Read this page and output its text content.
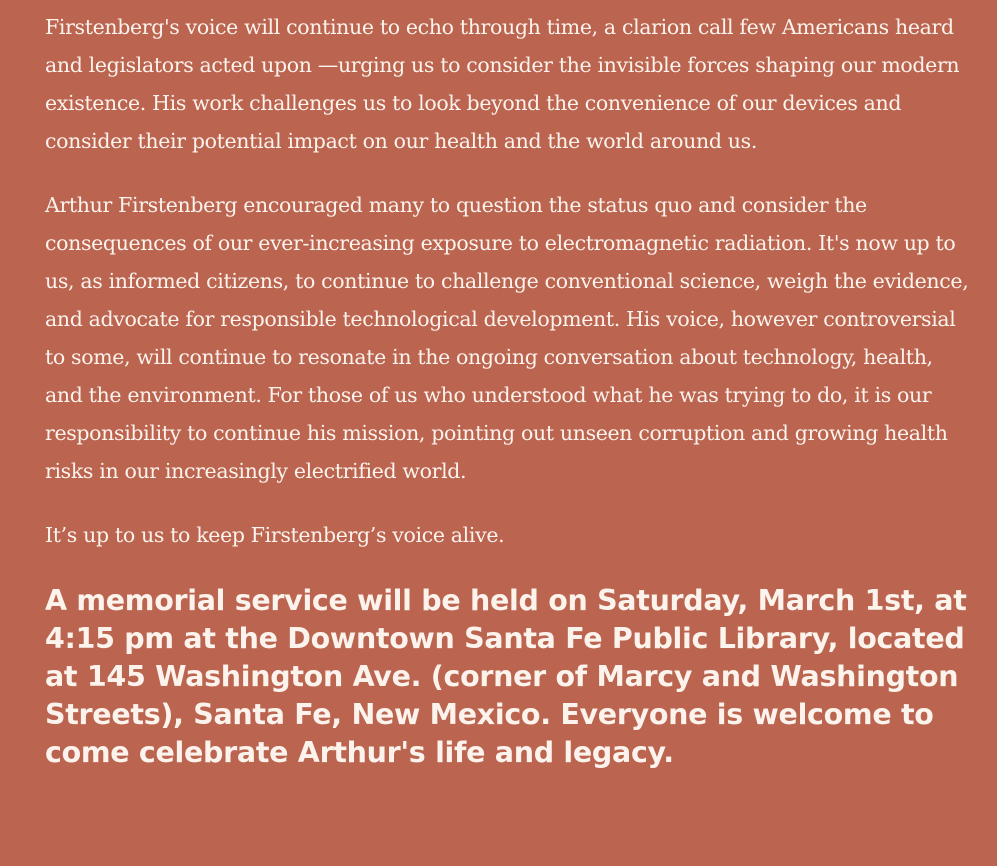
Firstenberg's voice will continue to echo through time, a clarion call few Americans heard and legislators acted upon —urging us to consider the invisible forces shaping our modern existence. His work challenges us to look beyond the convenience of our devices and consider their potential impact on our health and the world around us.

Arthur Firstenberg encouraged many to question the status quo and consider the consequences of our ever-increasing exposure to electromagnetic radiation. It's now up to us, as informed citizens, to continue to challenge conventional science, weigh the evidence, and advocate for responsible technological development. His voice, however controversial to some, will continue to resonate in the ongoing conversation about technology, health, and the environment. For those of us who understood what he was trying to do, it is our responsibility to continue his mission, pointing out unseen corruption and growing health risks in our increasingly electrified world.

It’s up to us to keep Firstenberg’s voice alive.

A memorial service will be held on Saturday, March 1st, at 4:15 pm at the Downtown Santa Fe Public Library, located at 145 Washington Ave. (corner of Marcy and Washington Streets), Santa Fe, New Mexico. Everyone is welcome to come celebrate Arthur's life and legacy.
